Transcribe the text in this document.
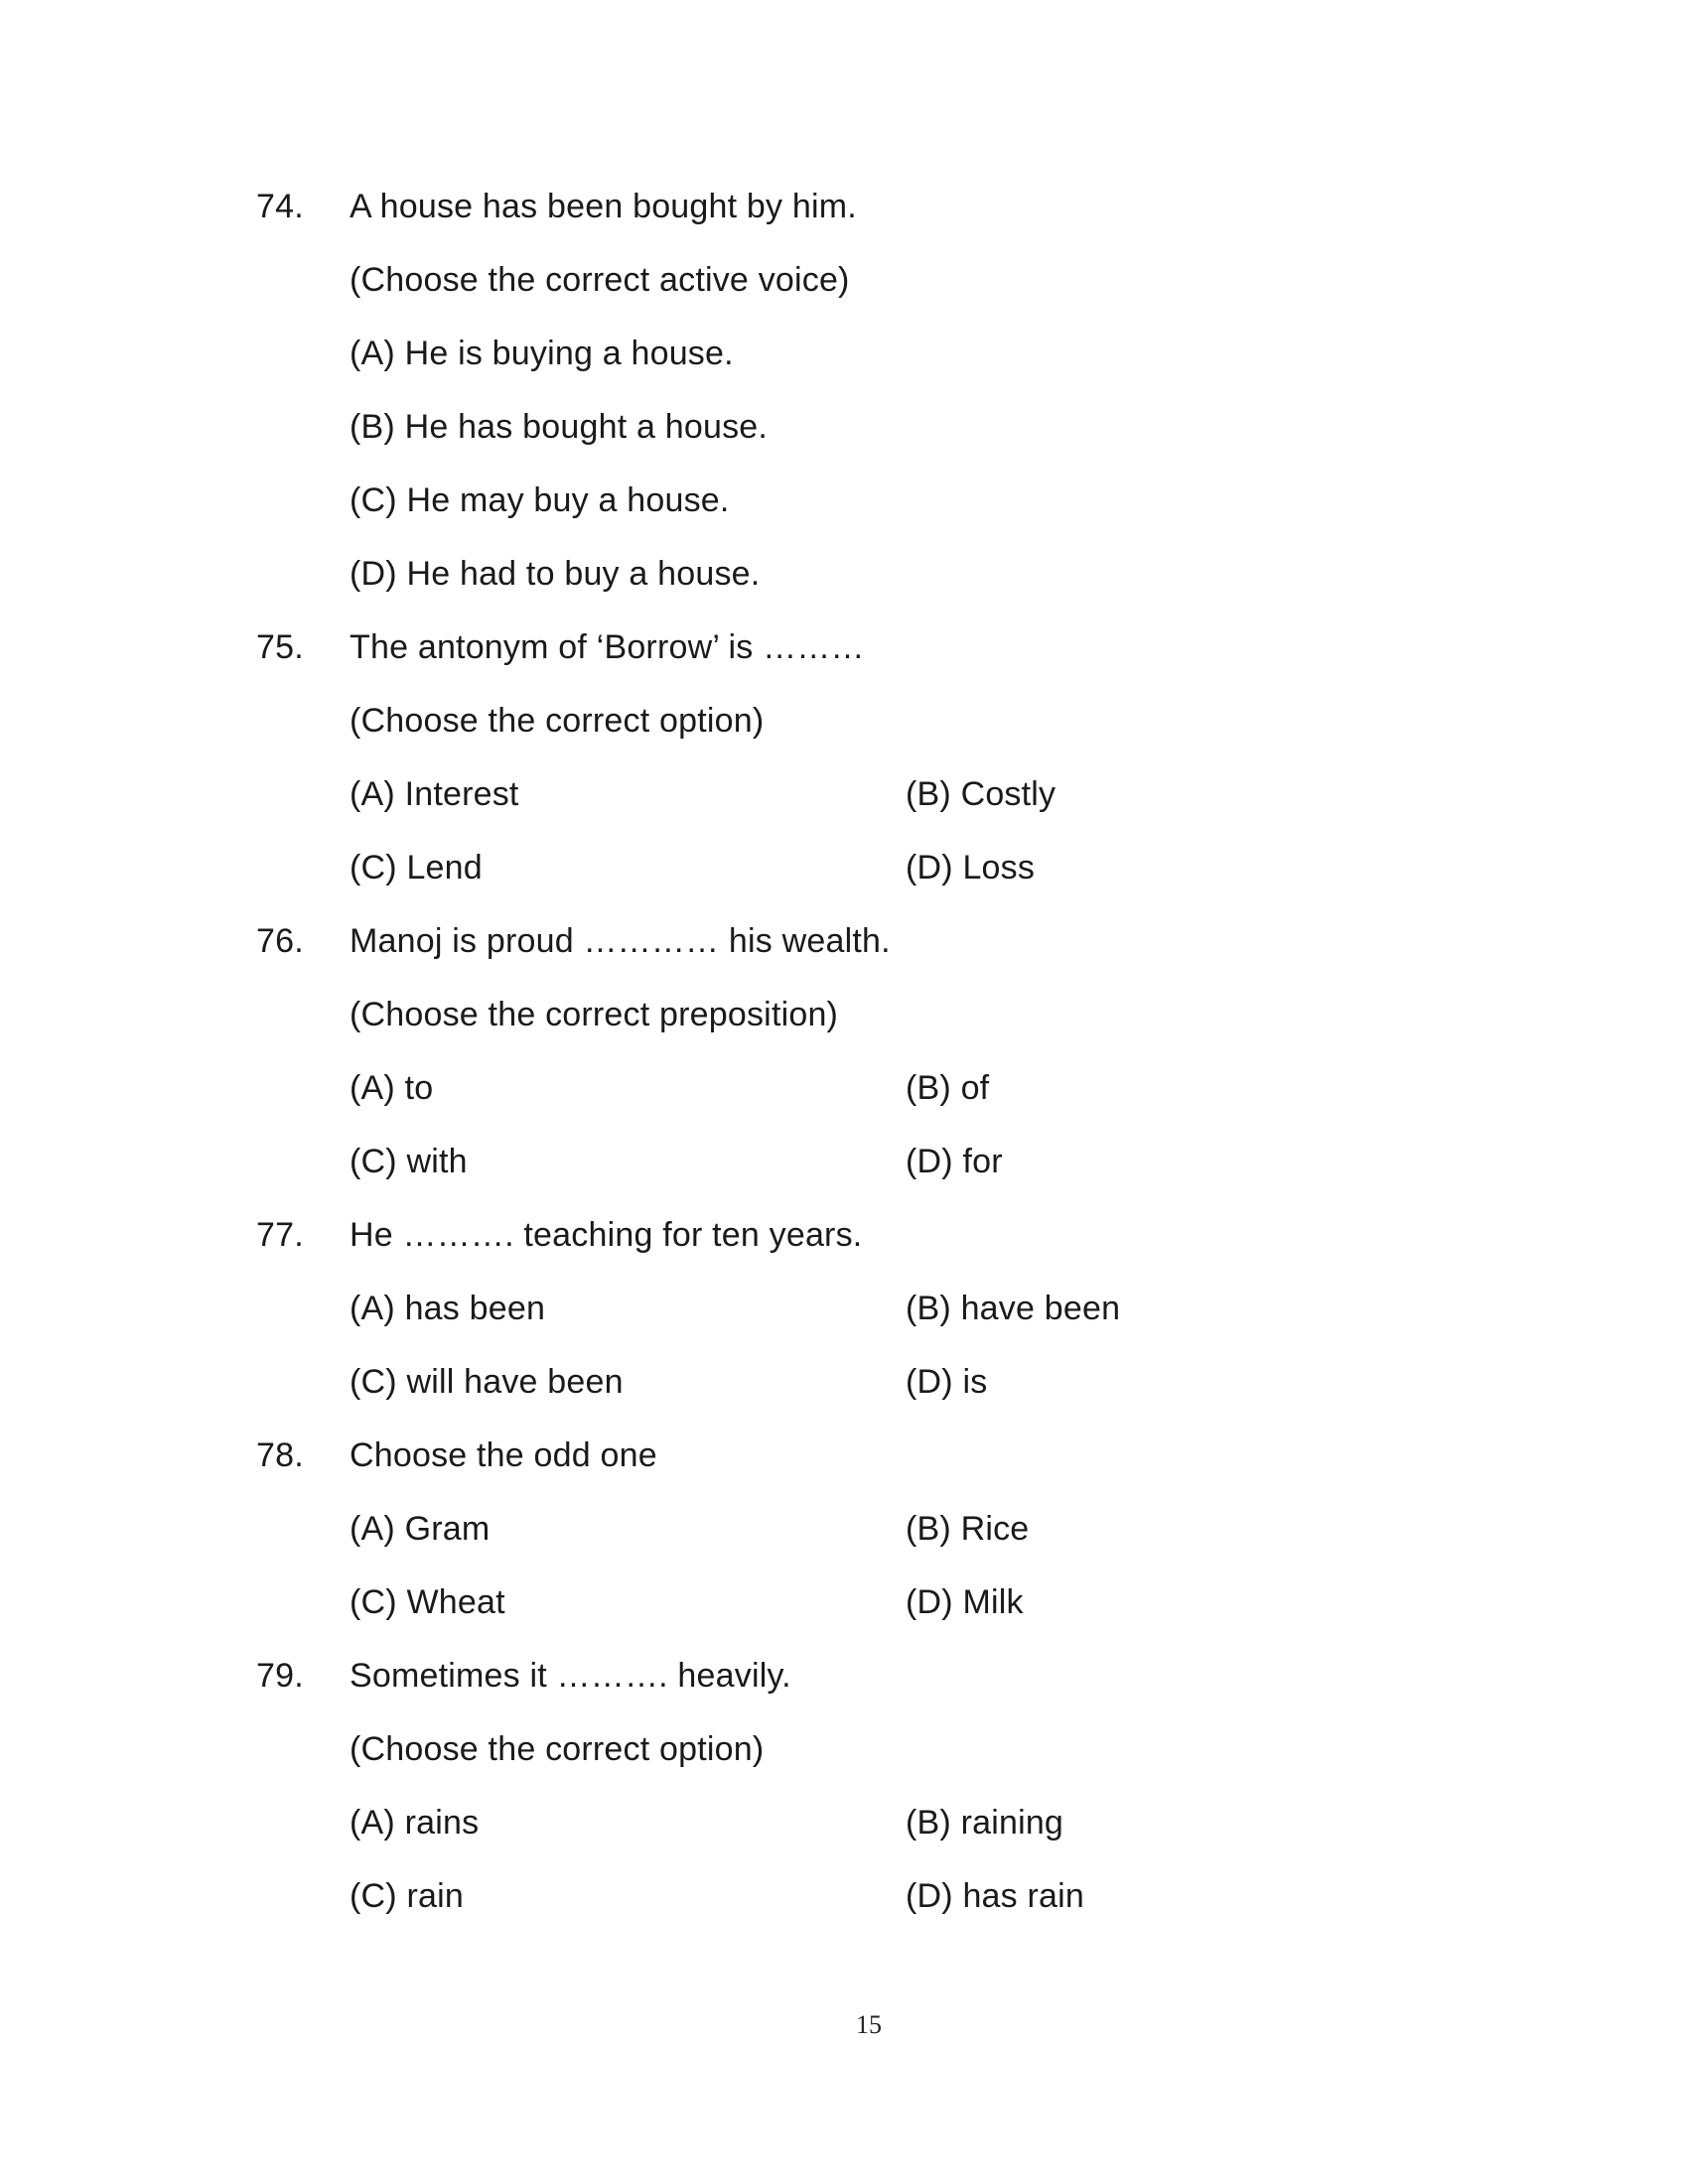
74. A house has been bought by him.
(Choose the correct active voice)
(A) He is buying a house.
(B) He has bought a house.
(C) He may buy a house.
(D) He had to buy a house.
75. The antonym of ‘Borrow’ is ………
(Choose the correct option)
(A) Interest	(B) Costly
(C) Lend	(D) Loss
76. Manoj is proud ………… his wealth.
(Choose the correct preposition)
(A) to	(B) of
(C) with	(D) for
77. He ………. teaching for ten years.
(A) has been	(B) have been
(C) will have been	(D) is
78. Choose the odd one
(A) Gram	(B) Rice
(C) Wheat	(D) Milk
79. Sometimes it ………. heavily.
(Choose the correct option)
(A) rains	(B) raining
(C) rain	(D) has rain
15
